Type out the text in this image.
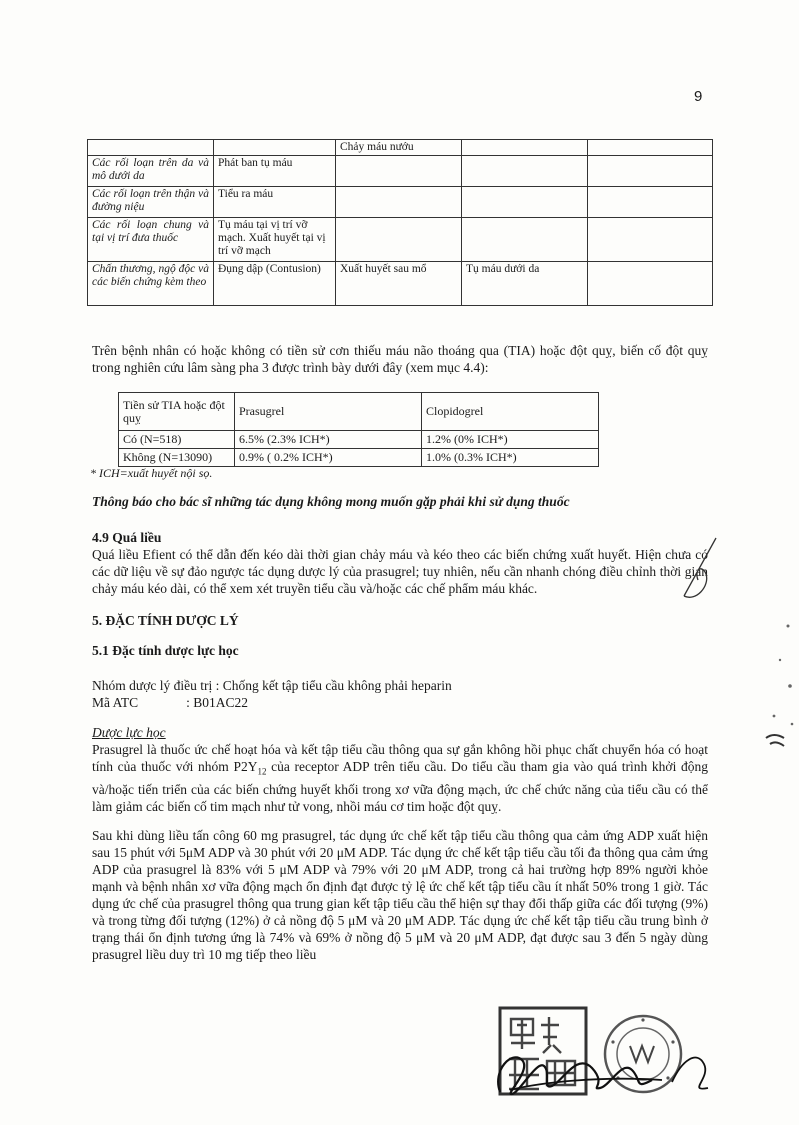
9
		Chảy máu nướu		
Các rối loạn trên da và mô dưới da	Phát ban tụ máu			
Các rối loạn trên thận và đường niệu	Tiểu ra máu			
Các rối loạn chung và tại vị trí đưa thuốc	Tụ máu tại vị trí vỡ mạch. Xuất huyết tại vị trí vỡ mạch			
Chấn thương, ngộ độc và các biến chứng kèm theo	Đụng dập (Contusion)	Xuất huyết sau mổ	Tụ máu dưới da	

Trên bệnh nhân có hoặc không có tiền sử cơn thiếu máu não thoáng qua (TIA) hoặc đột quỵ, biến cố đột quỵ trong nghiên cứu lâm sàng pha 3 được trình bày dưới đây (xem mục 4.4):

Tiền sử TIA hoặc đột quỵ	Prasugrel	Clopidogrel
Có (N=518)	6.5% (2.3% ICH*)	1.2% (0% ICH*)
Không (N=13090)	0.9% ( 0.2% ICH*)	1.0% (0.3% ICH*)
* ICH=xuất huyết nội sọ.
Thông báo cho bác sĩ những tác dụng không mong muốn gặp phải khi sử dụng thuốc
4.9 Quá liều

Quá liều Efient có thể dẫn đến kéo dài thời gian chảy máu và kéo theo các biến chứng xuất huyết. Hiện chưa có các dữ liệu về sự đảo ngược tác dụng dược lý của prasugrel; tuy nhiên, nếu cần nhanh chóng điều chỉnh thời gian chảy máu kéo dài, có thể xem xét truyền tiểu cầu và/hoặc các chế phẩm máu khác.

5. ĐẶC TÍNH DƯỢC LÝ
5.1 Đặc tính dược lực học

Nhóm dược lý điều trị : Chống kết tập tiểu cầu không phải heparin

Mã ATC	: B01AC22

Dược lực học

Prasugrel là thuốc ức chế hoạt hóa và kết tập tiểu cầu thông qua sự gắn không hồi phục chất chuyển hóa có hoạt tính của thuốc với nhóm $P2Y_{12}$ của receptor ADP trên tiểu cầu. Do tiểu cầu tham gia vào quá trình khởi động và/hoặc tiến triển của các biến chứng huyết khối trong xơ vữa động mạch, ức chế chức năng của tiểu cầu có thể làm giảm các biến cố tim mạch như tử vong, nhồi máu cơ tim hoặc đột quỵ.

Sau khi dùng liều tấn công 60 mg prasugrel, tác dụng ức chế kết tập tiểu cầu thông qua cảm ứng ADP xuất hiện sau 15 phút với 5μM ADP và 30 phút với 20 μM ADP. Tác dụng ức chế kết tập tiểu cầu tối đa thông qua cảm ứng ADP của prasugrel là 83% với 5 μM ADP và 79% với 20 μM ADP, trong cả hai trường hợp 89% người khỏe mạnh và bệnh nhân xơ vữa động mạch ổn định đạt được tỷ lệ ức chế kết tập tiểu cầu ít nhất 50% trong 1 giờ. Tác dụng ức chế của prasugrel thông qua trung gian kết tập tiểu cầu thể hiện sự thay đổi thấp giữa các đối tượng (9%) và trong từng đối tượng (12%) ở cả nồng độ 5 μM và 20 μM ADP. Tác dụng ức chế kết tập tiểu cầu trung bình ở trạng thái ổn định tương ứng là 74% và 69% ở nồng độ 5 μM và 20 μM ADP, đạt được sau 3 đến 5 ngày dùng prasugrel liều duy trì 10 mg tiếp theo liều
